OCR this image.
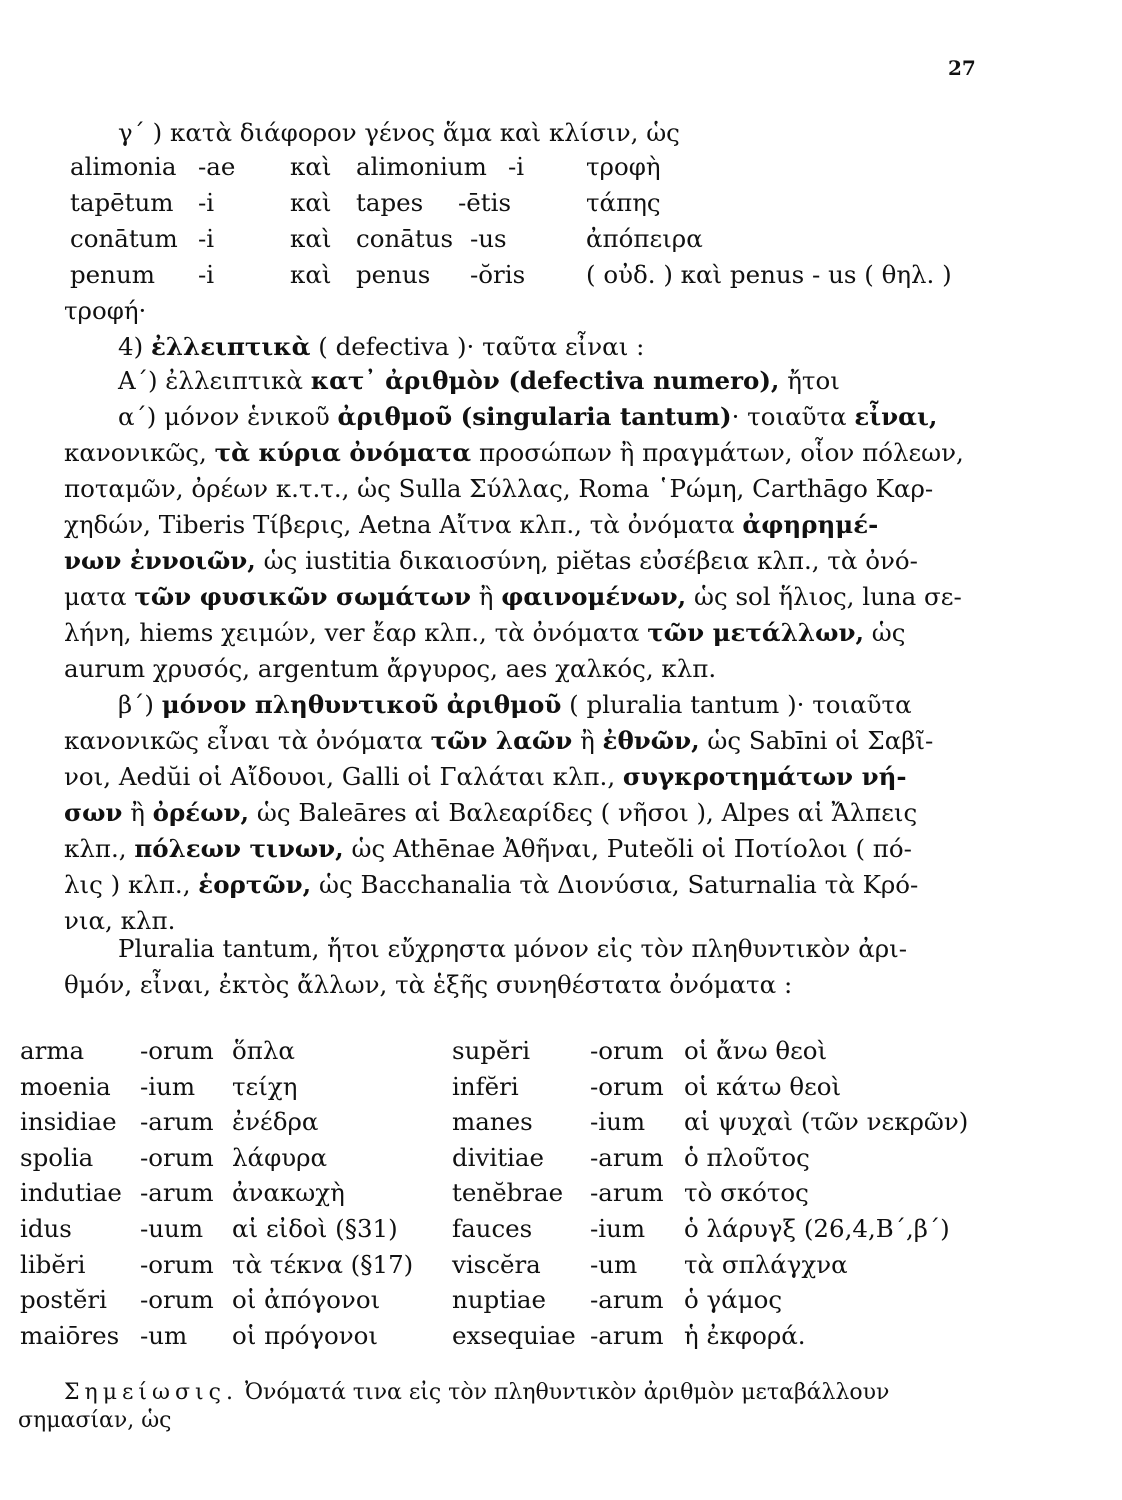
27
γ΄ ) κατὰ διάφορον γένος ἅμα καὶ κλίσιν, ὡς
alimonia -ae καὶ alimonium -i	τροφὴ
tapētum -i	καὶ tapes -ētis	τάπης
conātum -i	καὶ conātus -us	ἀπόπειρα
penum -i	καὶ penus -ŏris ( οὐδ. ) καὶ penus - us ( θηλ. )
τροφή·
4) ἐλλειπτικὰ ( defectiva )· ταῦτα εἶναι :
Α΄) ἐλλειπτικὰ κατ᾿ ἀριθμὸν (defectiva numero), ἤτοι
α΄) μόνον ἑνικοῦ ἀριθμοῦ (singularia tantum)· τοιαῦτα εἶναι,
κανονικῶς, τὰ κύρια ὀνόματα προσώπων ἢ πραγμάτων, οἷον πόλεων,
ποταμῶν, ὀρέων κ.τ.τ., ὡς Sulla Σύλλας, Roma ῾Ρώμη, Carthāgo Καρ-
χηδών, Tiberis Τίβερις, Aetna Αἴτνα κλπ., τὰ ὀνόματα ἀφηρημέ-
νων ἐννοιῶν, ὡς iustitia δικαιοσύνη, piĕtas εὐσέβεια κλπ., τὰ ὀνό-
ματα τῶν φυσικῶν σωμάτων ἢ φαινομένων, ὡς sol ἥλιος, luna σε-
λήνη, hiems χειμών, ver ἔαρ κλπ., τὰ ὀνόματα τῶν μετάλλων, ὡς
aurum χρυσός, argentum ἄργυρος, aes χαλκός, κλπ.
β΄) μόνον πληθυντικοῦ ἀριθμοῦ ( pluralia tantum )· τοιαῦτα
κανονικῶς εἶναι τὰ ὀνόματα τῶν λαῶν ἢ ἐθνῶν, ὡς Sabīni οἱ Σαβῖ-
νοι, Aedŭi οἱ Αἴδουοι, Galli οἱ Γαλάται κλπ., συγκροτημάτων νή-
σων ἢ ὀρέων, ὡς Baleāres αἱ Βαλεαρίδες ( νῆσοι ), Alpes αἱ Ἄλπεις
κλπ., πόλεων τινων, ὡς Athēnae Ἀθῆναι, Puteŏli οἱ Ποτίολοι ( πό-
λις ) κλπ., ἑορτῶν, ὡς Bacchanalia τὰ Διονύσια, Saturnalia τὰ Κρό-
νια, κλπ.
Pluralia tantum, ἤτοι εὔχρηστα μόνον εἰς τὸν πληθυντικὸν ἀρι-
θμόν, εἶναι, ἐκτὸς ἄλλων, τὰ ἑξῆς συνηθέστατα ὀνόματα :
arma -orum ὅπλα	supĕri -orum οἱ ἄνω θεοὶ
moenia -ium τείχη	infĕri	-orum οἱ κάτω θεοὶ
insidiae -arum ἐνέδρα	manes -ium αἱ ψυχαὶ (τῶν νεκρῶν)
spolia -orum λάφυρα	divitiae -arum ὁ πλοῦτος
indutiae -arum ἀνακωχὴ	tenĕbrae -arum τὸ σκότος
idus	-uum αἱ εἰδοὶ (§31) fauces -ium ὁ λάρυγξ (26,4,Β΄,β΄)
libĕri -orum τὰ τέκνα (§17) viscĕra -um τὰ σπλάγχνα
postĕri -orum οἱ ἀπόγονοι	nuptiae -arum ὁ γάμος
maiōres -um οἱ πρόγονοι	exsequiae -arum ἡ ἐκφορά.
Σημείωσις. Ὀνόματά τινα εἰς τὸν πληθυντικὸν ἀριθμὸν μεταβάλλουν
σημασίαν, ὡς
